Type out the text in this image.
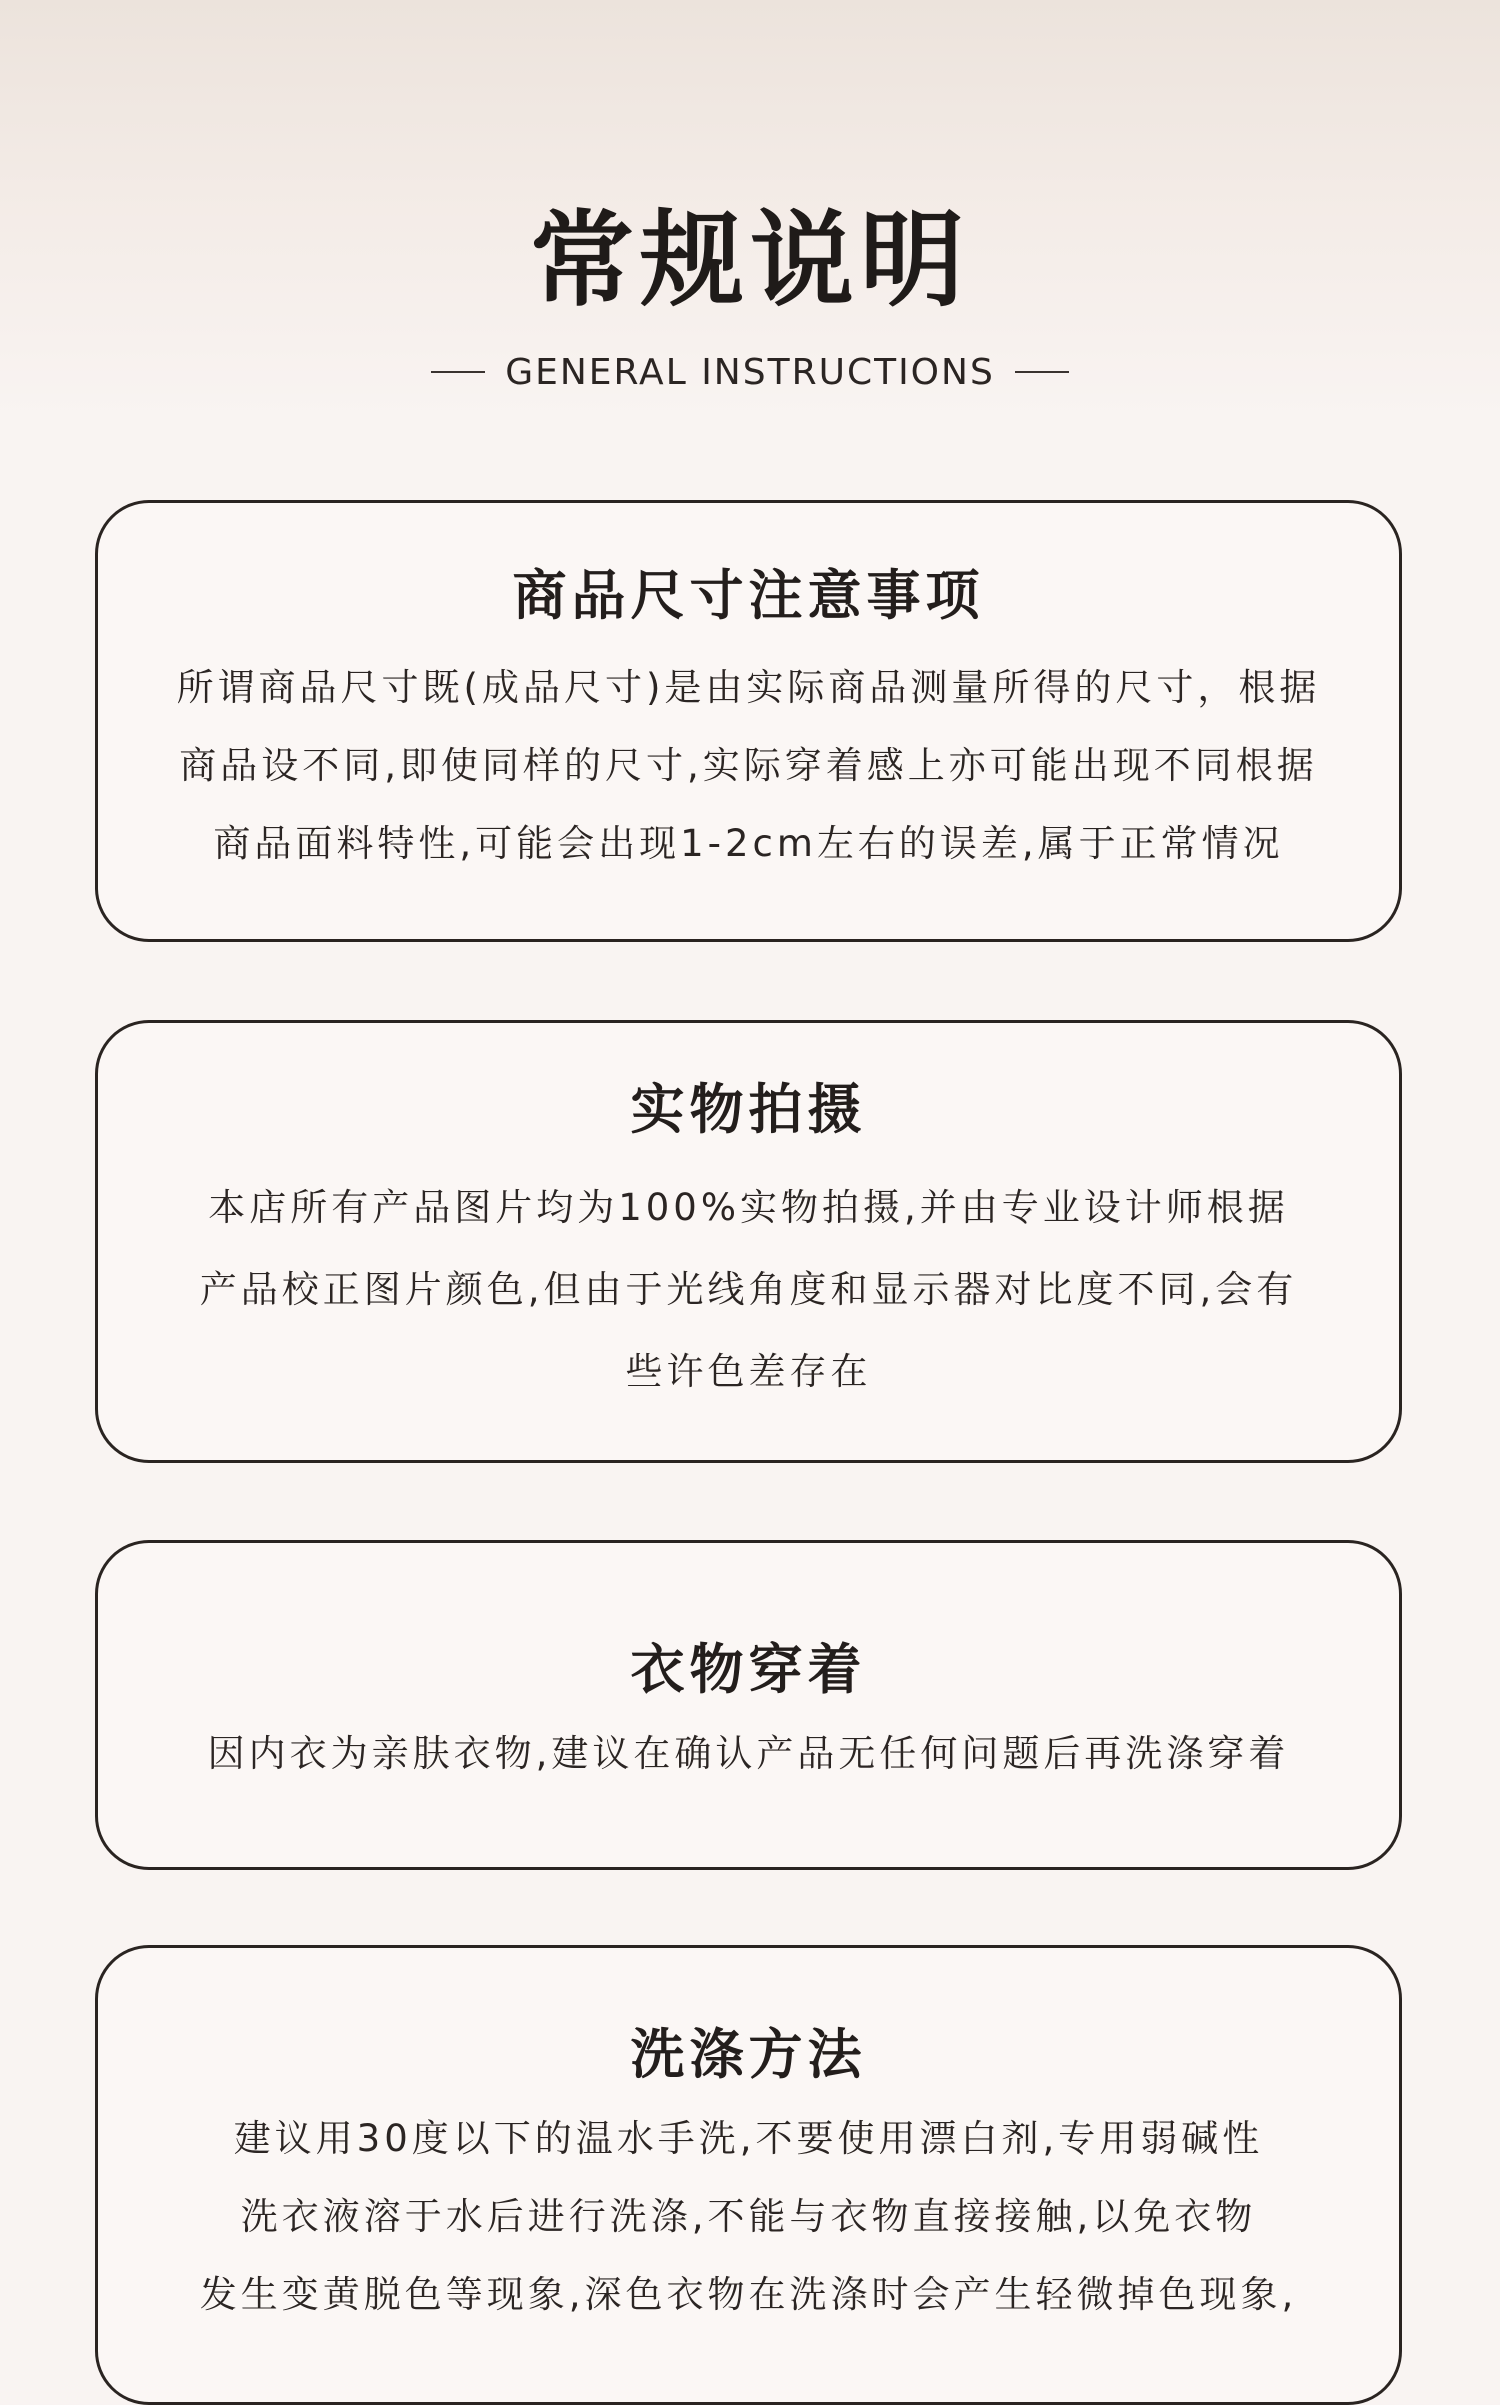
常规说明
GENERAL INSTRUCTIONS
商品尺寸注意事项

所谓商品尺寸既(成品尺寸)是由实际商品测量所得的尺寸，根据
商品设不同,即使同样的尺寸,实际穿着感上亦可能出现不同根据
商品面料特性,可能会出现1-2cm左右的误差,属于正常情况

实物拍摄

本店所有产品图片均为100%实物拍摄,并由专业设计师根据
产品校正图片颜色,但由于光线角度和显示器对比度不同,会有
些许色差存在

衣物穿着

因内衣为亲肤衣物,建议在确认产品无任何问题后再洗涤穿着

洗涤方法

建议用30度以下的温水手洗,不要使用漂白剂,专用弱碱性
洗衣液溶于水后进行洗涤,不能与衣物直接接触,以免衣物
发生变黄脱色等现象,深色衣物在洗涤时会产生轻微掉色现象,
